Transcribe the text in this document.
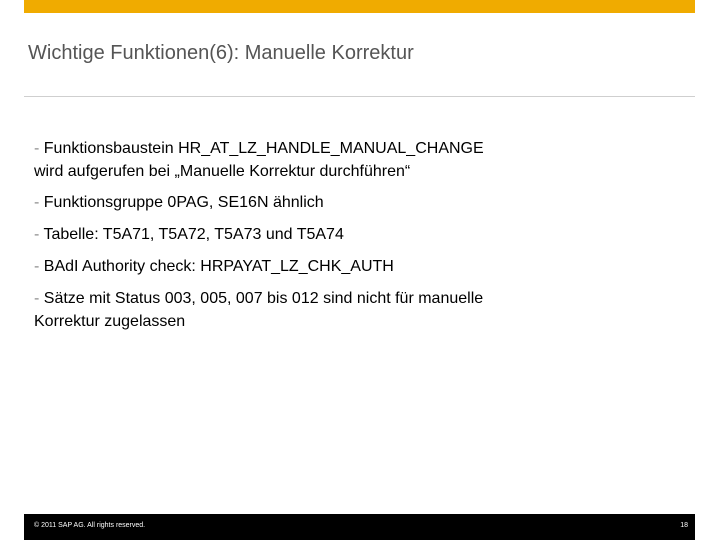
Wichtige Funktionen(6): Manuelle Korrektur
- Funktionsbaustein HR_AT_LZ_HANDLE_MANUAL_CHANGE
wird aufgerufen bei „Manuelle Korrektur durchführen“
- Funktionsgruppe 0PAG, SE16N ähnlich
- Tabelle: T5A71, T5A72, T5A73 und T5A74
- BAdI Authority check: HRPAYAT_LZ_CHK_AUTH
- Sätze mit Status 003, 005, 007 bis 012 sind nicht für manuelle
Korrektur zugelassen
© 2011 SAP AG. All rights reserved.	18
